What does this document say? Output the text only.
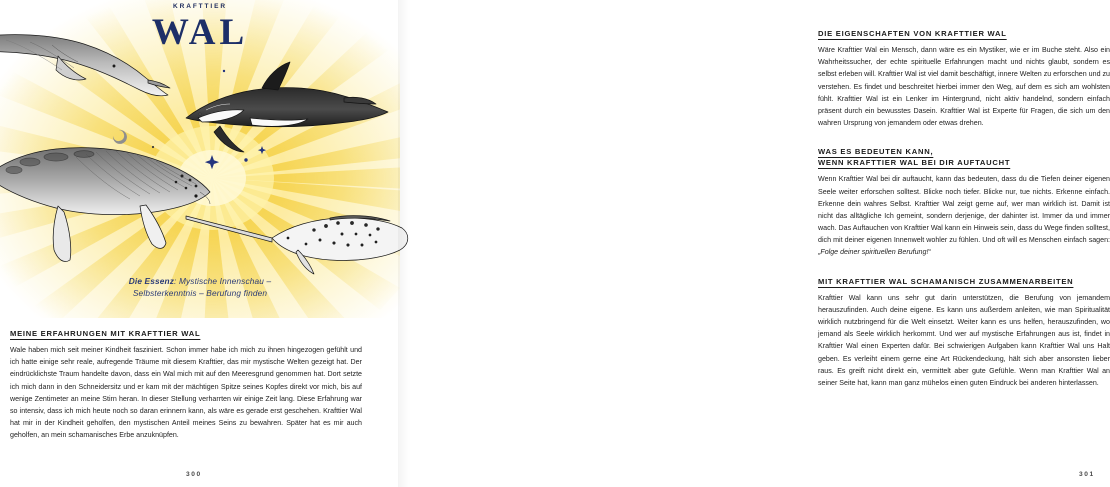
KRAFTTIER
WAL
Die Essenz: Mystische Innenschau –
Selbsterkenntnis – Berufung finden
MEINE ERFAHRUNGEN MIT KRAFTTIER WAL

Wale haben mich seit meiner Kindheit fasziniert. Schon immer habe ich mich zu ihnen hingezogen gefühlt und ich hatte einige sehr reale, aufregende Träume mit diesem Krafttier, das mir mystische Welten gezeigt hat. Der eindrücklichste Traum handelte davon, dass ein Wal mich mit auf den Meeresgrund genommen hat. Dort setzte ich mich dann in den Schneidersitz und er kam mit der mächtigen Spitze seines Kopfes direkt vor mich, bis auf wenige Zentimeter an meine Stirn heran. In dieser Stellung verharrten wir einige Zeit lang. Diese Erfahrung war so intensiv, dass ich mich heute noch so daran erinnern kann, als wäre es gerade erst geschehen. Krafttier Wal hat mir in der Kindheit geholfen, den mystischen Anteil meines Seins zu bewahren. Später hat es mir auch geholfen, an mein schamanisches Erbe anzuknüpfen.

300
DIE EIGENSCHAFTEN VON KRAFTTIER WAL

Wäre Krafttier Wal ein Mensch, dann wäre es ein Mystiker, wie er im Buche steht. Also ein Wahrheitssucher, der echte spirituelle Erfahrungen macht und nichts glaubt, sondern es selbst erleben will. Krafttier Wal ist viel damit beschäftigt, innere Welten zu erforschen und zu verstehen. Es findet und beschreitet hierbei immer den Weg, auf dem es sich am wohlsten fühlt. Krafttier Wal ist ein Lenker im Hintergrund, nicht aktiv handelnd, sondern einfach präsent durch ein bewusstes Dasein. Krafttier Wal ist Experte für Fragen, die sich um den wahren Ursprung von jemandem oder etwas drehen.

WAS ES BEDEUTEN KANN,
WENN KRAFTTIER WAL BEI DIR AUFTAUCHT

Wenn Krafttier Wal bei dir auftaucht, kann das bedeuten, dass du die Tiefen deiner eigenen Seele weiter erforschen solltest. Blicke noch tiefer. Blicke nur, tue nichts. Erkenne einfach. Erkenne dein wahres Selbst. Krafttier Wal zeigt gerne auf, wer man wirklich ist. Damit ist nicht das alltägliche Ich gemeint, sondern derjenige, der dahinter ist. Immer da und immer wach. Das Auftauchen von Krafttier Wal kann ein Hinweis sein, dass du Wege finden solltest, dich mit deiner eigenen Innenwelt wohler zu fühlen. Und oft will es Menschen einfach sagen: „Folge deiner spirituellen Berufung!“

MIT KRAFTTIER WAL SCHAMANISCH ZUSAMMENARBEITEN

Krafttier Wal kann uns sehr gut darin unterstützen, die Berufung von jemandem herauszufinden. Auch deine eigene. Es kann uns außerdem anleiten, wie man Spiritualität wirklich nutzbringend für die Welt einsetzt. Weiter kann es uns helfen, herauszufinden, wo jemand als Seele wirklich herkommt. Und wer auf mystische Erfahrungen aus ist, findet in Krafttier Wal einen Experten dafür. Bei schwierigen Aufgaben kann Krafttier Wal uns Halt geben. Es verleiht einem gerne eine Art Rückendeckung, hält sich aber ansonsten lieber raus. Es greift nicht direkt ein, vermittelt aber gute Gefühle. Wenn man Krafttier Wal an seiner Seite hat, kann man ganz mühelos einen guten Eindruck bei anderen hinterlassen.

301
